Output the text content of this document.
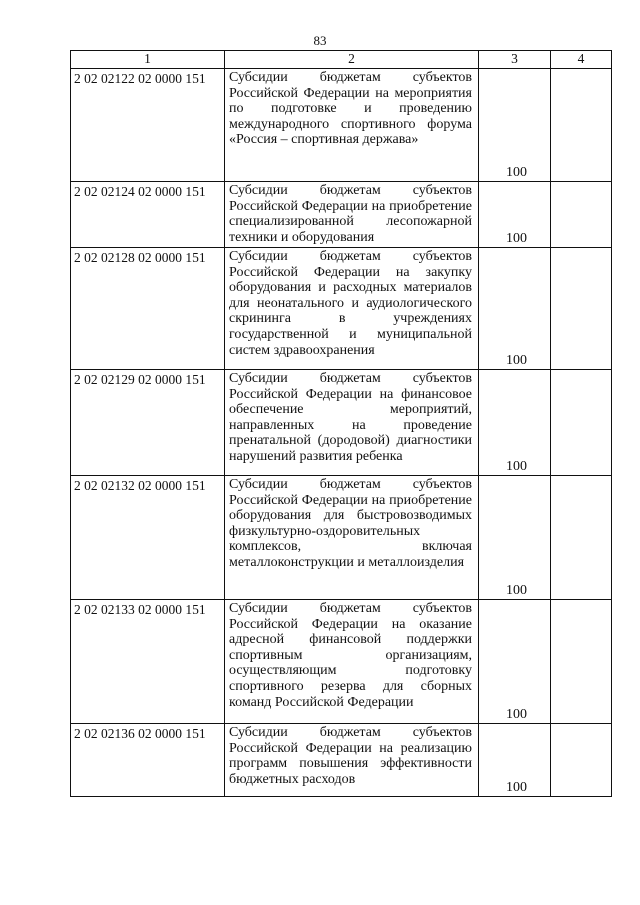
83
1	2	3	4
2 02 02122 02 0000 151	Субсидии бюджетам субъектов Российской Федерации на мероприятия по подготовке и проведению международного спортивного форума «Россия – спортивная держава»	100	
2 02 02124 02 0000 151	Субсидии бюджетам субъектов Российской Федерации на приобретение специализированной лесопожарной техники и оборудования	100	
2 02 02128 02 0000 151	Субсидии бюджетам субъектов Российской Федерации на закупку оборудования и расходных материалов для неонатального и аудиологического скрининга в учреждениях государственной и муниципальной систем здравоохранения	100	
2 02 02129 02 0000 151	Субсидии бюджетам субъектов Российской Федерации на финансовое обеспечение мероприятий, направленных на проведение пренатальной (дородовой) диагностики нарушений развития ребенка	100	
2 02 02132 02 0000 151	Субсидии бюджетам субъектов Российской Федерации на приобретение оборудования для быстровозводимых физкультурно-оздоровительных комплексов, включая металлоконструкции и металлоизделия	100	
2 02 02133 02 0000 151	Субсидии бюджетам субъектов Российской Федерации на оказание адресной финансовой поддержки спортивным организациям, осуществляющим подготовку спортивного резерва для сборных команд Российской Федерации	100	
2 02 02136 02 0000 151	Субсидии бюджетам субъектов Российской Федерации на реализацию программ повышения эффективности бюджетных расходов	100	
